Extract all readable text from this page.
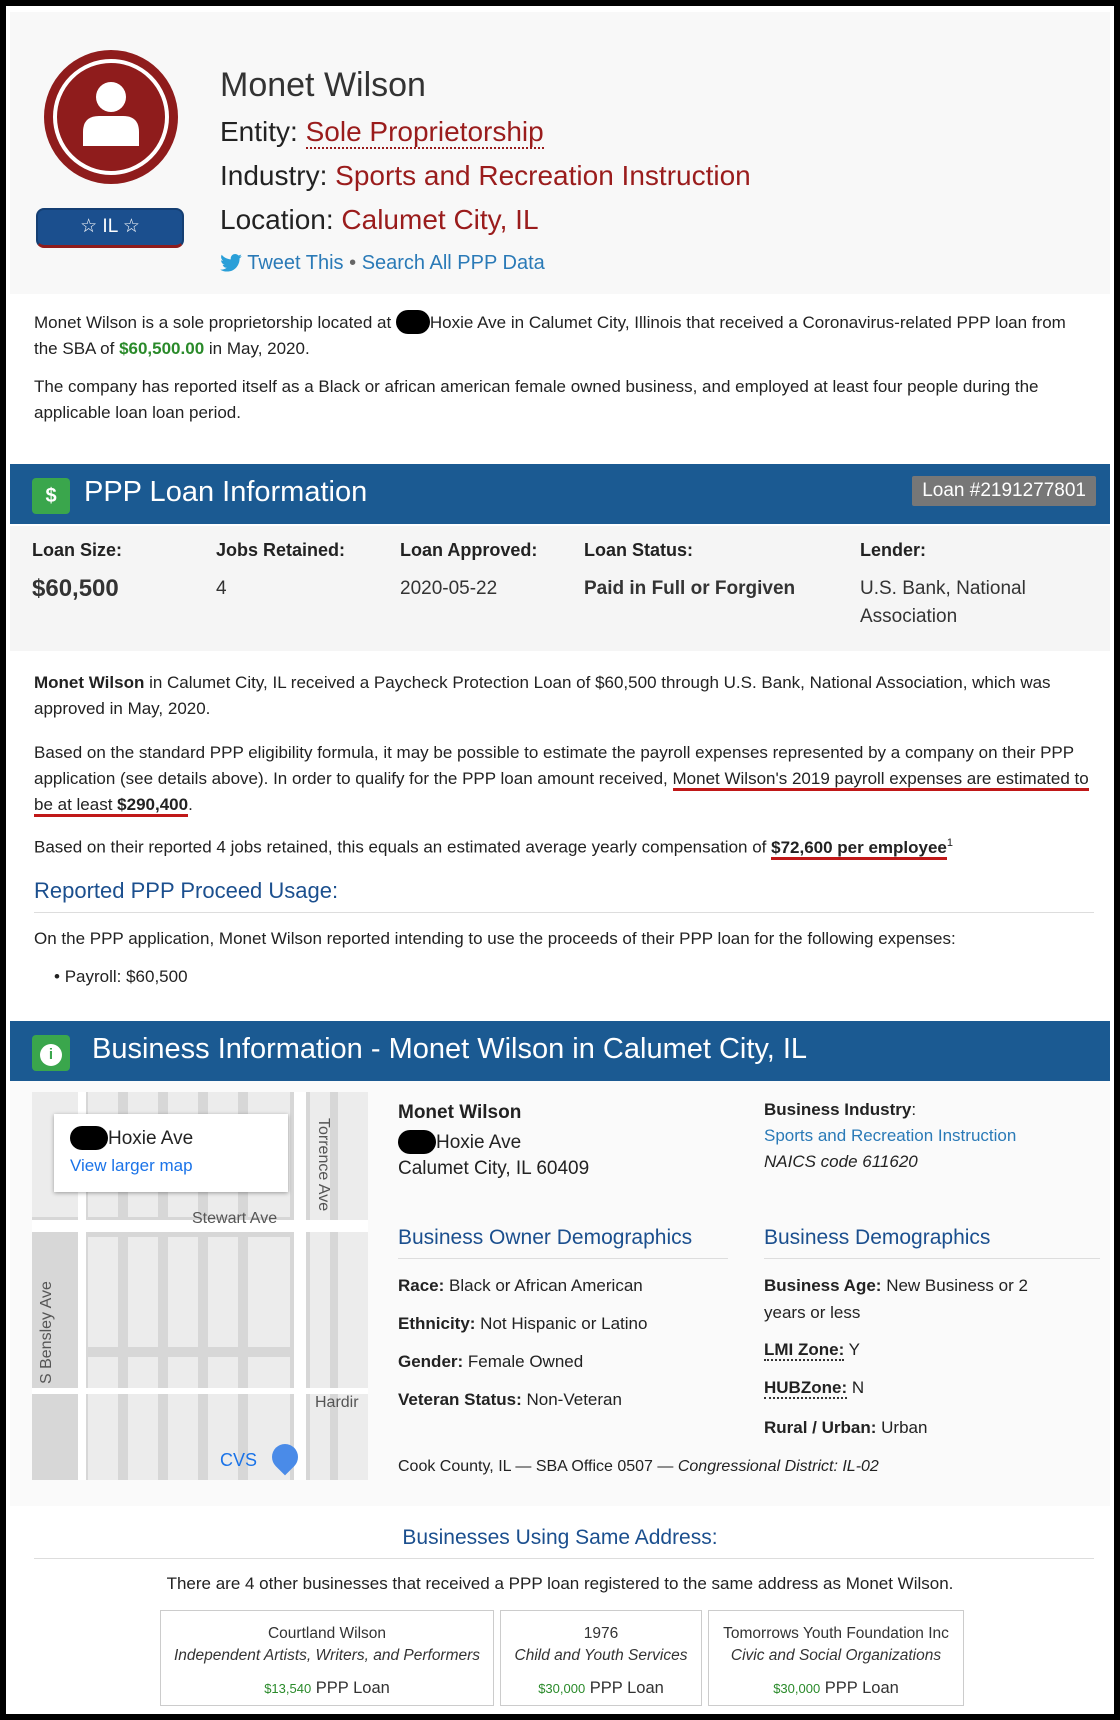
☆ IL ☆
Monet Wilson
Entity: Sole Proprietorship
Industry: Sports and Recreation Instruction
Location: Calumet City, IL
Tweet This • Search All PPP Data
Monet Wilson is a sole proprietorship located at Hoxie Ave in Calumet City, Illinois that received a Coronavirus-related PPP loan from the SBA of $60,500.00 in May, 2020.
The company has reported itself as a Black or african american female owned business, and employed at least four people during the applicable loan loan period.
$ PPP Loan Information	Loan #2191277801
Loan Size:
$60,500
Jobs Retained:
4
Loan Approved:
2020-05-22
Loan Status:
Paid in Full or Forgiven
Lender:
U.S. Bank, National Association
Monet Wilson in Calumet City, IL received a Paycheck Protection Loan of $60,500 through U.S. Bank, National Association, which was approved in May, 2020.
Based on the standard PPP eligibility formula, it may be possible to estimate the payroll expenses represented by a company on their PPP application (see details above). In order to qualify for the PPP loan amount received, Monet Wilson's 2019 payroll expenses are estimated to be at least $290,400.
Based on their reported 4 jobs retained, this equals an estimated average yearly compensation of $72,600 per employee$^1$
Reported PPP Proceed Usage:
On the PPP application, Monet Wilson reported intending to use the proceeds of their PPP loan for the following expenses:
• Payroll: $60,500
i	Business Information - Monet Wilson in Calumet City, IL
Hoxie Ave
View larger map	Torrence Ave
Stewart Ave
S Bensley Ave
Hardir
CVS
Monet Wilson
Hoxie Ave
Calumet City, IL 60409
Business Industry:
Sports and Recreation Instruction
NAICS code 611620
Business Owner Demographics
Race: Black or African American
Ethnicity: Not Hispanic or Latino
Gender: Female Owned
Veteran Status: Non-Veteran
Business Demographics
Business Age: New Business or 2
years or less
LMI Zone: Y
HUBZone: N
Rural / Urban: Urban
Cook County, IL — SBA Office 0507 — Congressional District: IL-02
Businesses Using Same Address:
There are 4 other businesses that received a PPP loan registered to the same address as Monet Wilson.
Courtland Wilson
Independent Artists, Writers, and Performers
$13,540 PPP Loan
1976
Child and Youth Services
$30,000 PPP Loan
Tomorrows Youth Foundation Inc
Civic and Social Organizations
$30,000 PPP Loan
